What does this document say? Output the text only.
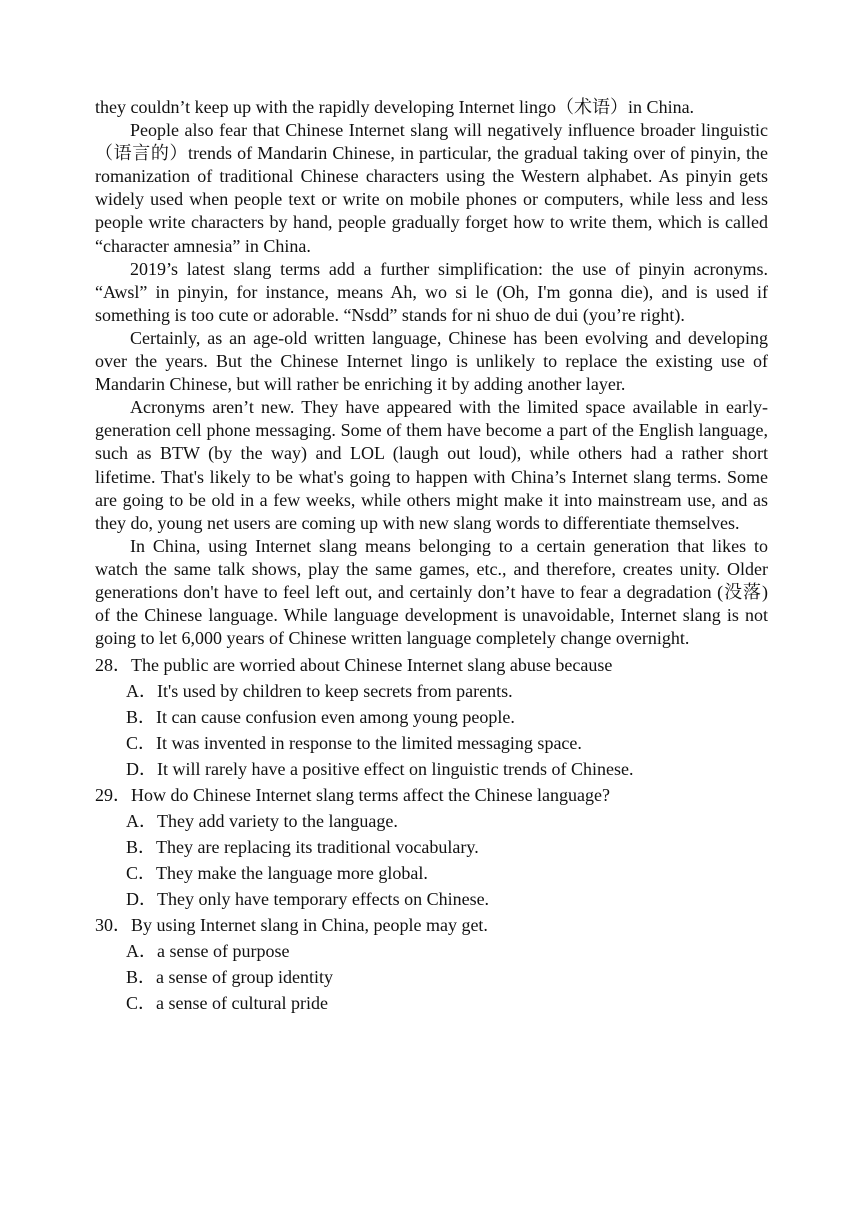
they couldn’t keep up with the rapidly developing Internet lingo（术语）in China.

People also fear that Chinese Internet slang will negatively influence broader linguistic（语言的）trends of Mandarin Chinese, in particular, the gradual taking over of pinyin, the romanization of traditional Chinese characters using the Western alphabet. As pinyin gets widely used when people text or write on mobile phones or computers, while less and less people write characters by hand, people gradually forget how to write them, which is called “character amnesia” in China.

2019’s latest slang terms add a further simplification: the use of pinyin acronyms. “Awsl” in pinyin, for instance, means Ah, wo si le (Oh, I'm gonna die), and is used if something is too cute or adorable. “Nsdd” stands for ni shuo de dui (you’re right).

Certainly, as an age-old written language, Chinese has been evolving and developing over the years. But the Chinese Internet lingo is unlikely to replace the existing use of Mandarin Chinese, but will rather be enriching it by adding another layer.

Acronyms aren’t new. They have appeared with the limited space available in early-generation cell phone messaging. Some of them have become a part of the English language, such as BTW (by the way) and LOL (laugh out loud), while others had a rather short lifetime. That's likely to be what's going to happen with China’s Internet slang terms. Some are going to be old in a few weeks, while others might make it into mainstream use, and as they do, young net users are coming up with new slang words to differentiate themselves.

In China, using Internet slang means belonging to a certain generation that likes to watch the same talk shows, play the same games, etc., and therefore, creates unity. Older generations don't have to feel left out, and certainly don’t have to fear a degradation (没落) of the Chinese language. While language development is unavoidable, Internet slang is not going to let 6,000 years of Chinese written language completely change overnight.

28．The public are worried about Chinese Internet slang abuse because

A．It's used by children to keep secrets from parents.

B．It can cause confusion even among young people.

C．It was invented in response to the limited messaging space.

D．It will rarely have a positive effect on linguistic trends of Chinese.

29．How do Chinese Internet slang terms affect the Chinese language?

A．They add variety to the language.

B．They are replacing its traditional vocabulary.

C．They make the language more global.

D．They only have temporary effects on Chinese.

30．By using Internet slang in China, people may get.

A．a sense of purpose

B．a sense of group identity

C．a sense of cultural pride
